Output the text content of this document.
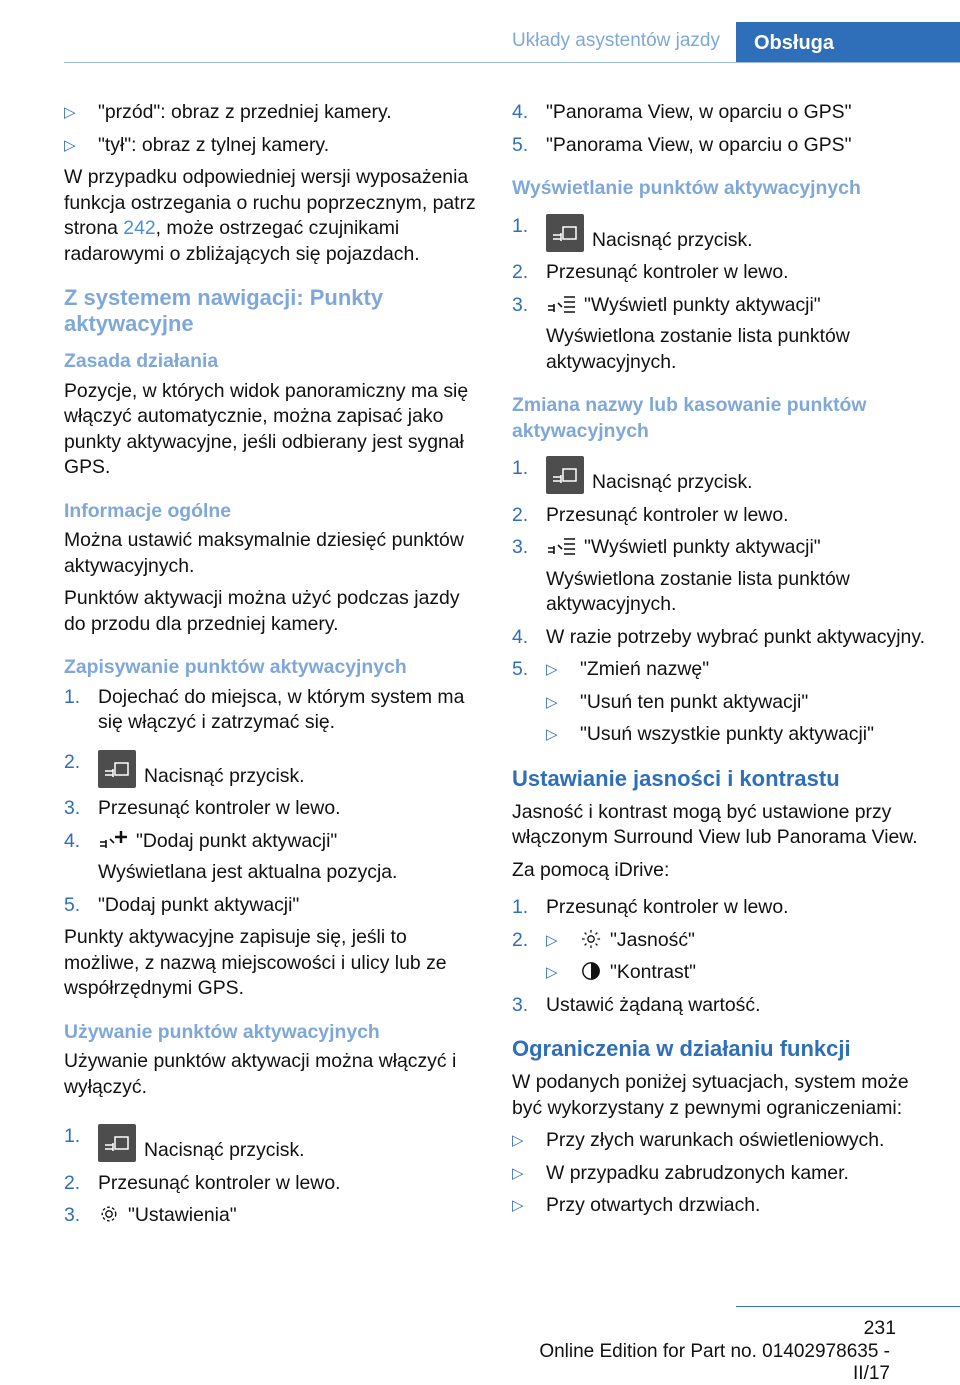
Układy asystentów jazdy	Obsługa
▷ "przód": obraz z przedniej kamery.
▷ "tył": obraz z tylnej kamery.

W przypadku odpowiedniej wersji wyposażenia funkcja ostrzegania o ruchu poprzecznym, patrz strona 242, może ostrzegać czujnikami radarowymi o zbliżających się pojazdach.

Z systemem nawigacji: Punkty aktywacyjne
Zasada działania

Pozycje, w których widok panoramiczny ma się włączyć automatycznie, można zapisać jako punkty aktywacyjne, jeśli odbierany jest sygnał GPS.

Informacje ogólne

Można ustawić maksymalnie dziesięć punktów aktywacyjnych.

Punktów aktywacji można użyć podczas jazdy do przodu dla przedniej kamery.

Zapisywanie punktów aktywacyjnych
1. Dojechać do miejsca, w którym system ma się włączyć i zatrzymać się.
2.
Nacisnąć przycisk.
3. Przesunąć kontroler w lewo.
4.	"Dodaj punkt aktywacji"
Wyświetlana jest aktualna pozycja.
5. "Dodaj punkt aktywacji"

Punkty aktywacyjne zapisuje się, jeśli to możliwe, z nazwą miejscowości i ulicy lub ze współrzędnymi GPS.

Używanie punktów aktywacyjnych

Używanie punktów aktywacji można włączyć i wyłączyć.

1.
Nacisnąć przycisk.
2. Przesunąć kontroler w lewo.
3. "Ustawienia"
4. "Panorama View, w oparciu o GPS"
5. "Panorama View, w oparciu o GPS"
Wyświetlanie punktów aktywacyjnych
1.
Nacisnąć przycisk.
2. Przesunąć kontroler w lewo.
3.	"Wyświetl punkty aktywacji"
Wyświetlona zostanie lista punktów aktywacyjnych.
Zmiana nazwy lub kasowanie punktów aktywacyjnych
1.
Nacisnąć przycisk.
2. Przesunąć kontroler w lewo.
3.	"Wyświetl punkty aktywacji"
Wyświetlona zostanie lista punktów aktywacyjnych.
4. W razie potrzeby wybrać punkt aktywacyjny.
5. ▷ "Zmień nazwę"
▷ "Usuń ten punkt aktywacji"
▷ "Usuń wszystkie punkty aktywacji"
Ustawianie jasności i kontrastu

Jasność i kontrast mogą być ustawione przy włączonym Surround View lub Panorama View.

Za pomocą iDrive:

1. Przesunąć kontroler w lewo.
2. ▷	"Jasność"
▷	"Kontrast"
3. Ustawić żądaną wartość.
Ograniczenia w działaniu funkcji

W podanych poniżej sytuacjach, system może być wykorzystany z pewnymi ograniczeniami:

▷ Przy złych warunkach oświetleniowych.
▷ W przypadku zabrudzonych kamer.
▷ Przy otwartych drzwiach.
231
Online Edition for Part no. 01402978635 - II/17
